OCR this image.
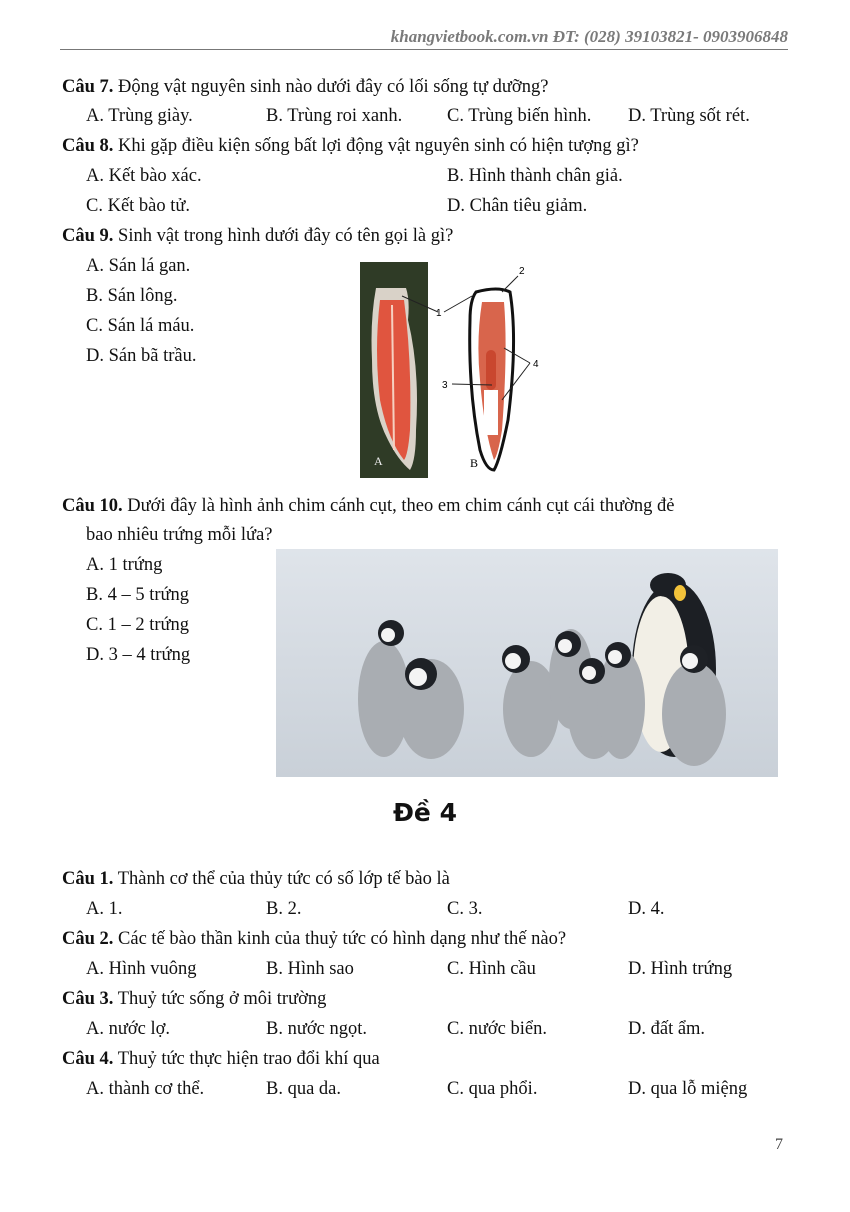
khangvietbook.com.vn ĐT: (028) 39103821- 0903906848
Câu 7. Động vật nguyên sinh nào dưới đây có lối sống tự dưỡng?
A. Trùng giày.	B. Trùng roi xanh. C. Trùng biến hình. D. Trùng sốt rét.
Câu 8. Khi gặp điều kiện sống bất lợi động vật nguyên sinh có hiện tượng gì?
A. Kết bào xác.	B. Hình thành chân giả.
C. Kết bào tử.	D. Chân tiêu giảm.
Câu 9. Sinh vật trong hình dưới đây có tên gọi là gì?
A. Sán lá gan.
B. Sán lông.
C. Sán lá máu.
D. Sán bã trầu.
A
1
2
3
4
B
Câu 10. Dưới đây là hình ảnh chim cánh cụt, theo em chim cánh cụt cái thường đẻ
bao nhiêu trứng mỗi lứa?
A. 1 trứng
B. 4 – 5 trứng
C. 1 – 2 trứng
D. 3 – 4 trứng
Đề 4
Câu 1. Thành cơ thể của thủy tức có số lớp tế bào là
A. 1.	B. 2.	C. 3.	D. 4.
Câu 2. Các tế bào thần kinh của thuỷ tức có hình dạng như thế nào?
A. Hình vuông	B. Hình sao	C. Hình cầu	D. Hình trứng
Câu 3. Thuỷ tức sống ở môi trường
A. nước lợ.	B. nước ngọt.	C. nước biển.	D. đất ẩm.
Câu 4. Thuỷ tức thực hiện trao đổi khí qua
A. thành cơ thể.	B. qua da.	C. qua phổi.	D. qua lỗ miệng
7
